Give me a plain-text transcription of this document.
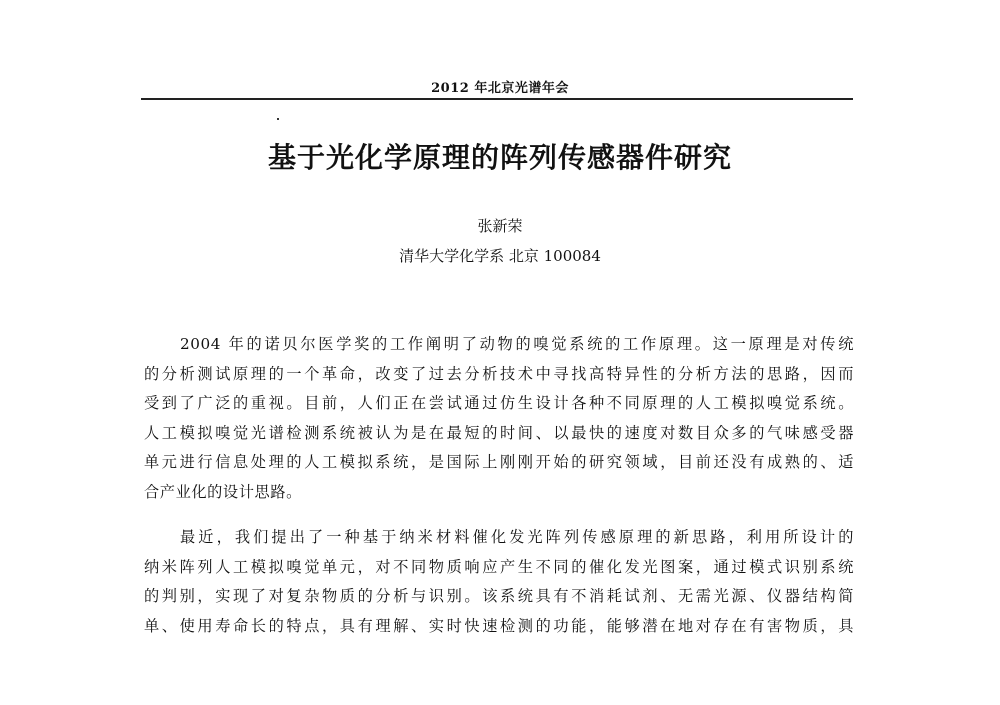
2012 年北京光谱年会
基于光化学原理的阵列传感器件研究
张新荣
清华大学化学系 北京 100084
2004 年的诺贝尔医学奖的工作阐明了动物的嗅觉系统的工作原理。这一原理是对传统
的分析测试原理的一个革命，改变了过去分析技术中寻找高特异性的分析方法的思路，因而
受到了广泛的重视。目前，人们正在尝试通过仿生设计各种不同原理的人工模拟嗅觉系统。
人工模拟嗅觉光谱检测系统被认为是在最短的时间、以最快的速度对数目众多的气味感受器
单元进行信息处理的人工模拟系统，是国际上刚刚开始的研究领域，目前还没有成熟的、适
合产业化的设计思路。
最近，我们提出了一种基于纳米材料催化发光阵列传感原理的新思路，利用所设计的
纳米阵列人工模拟嗅觉单元，对不同物质响应产生不同的催化发光图案，通过模式识别系统
的判别，实现了对复杂物质的分析与识别。该系统具有不消耗试剂、无需光源、仪器结构简
单、使用寿命长的特点，具有理解、实时快速检测的功能，能够潜在地对存在有害物质，具
